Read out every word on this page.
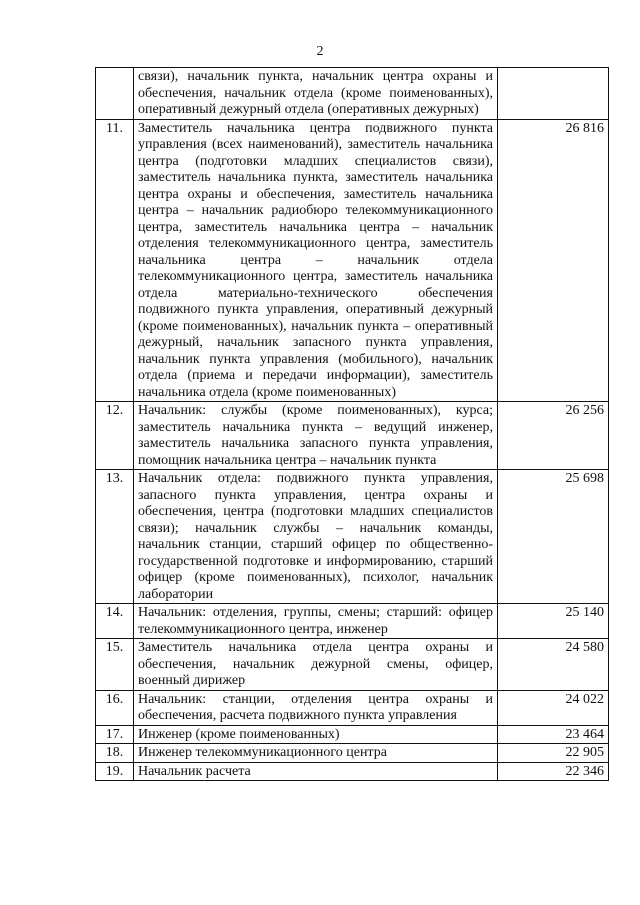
2
	связи), начальник пункта, начальник центра охраны и обеспечения, начальник отдела (кроме поименованных), оперативный дежурный отдела (оперативных дежурных)	
11.	Заместитель начальника центра подвижного пункта управления (всех наименований), заместитель начальника центра (подготовки младших специалистов связи), заместитель начальника пункта, заместитель начальника центра охраны и обеспечения, заместитель начальника центра – начальник радиобюро телекоммуникационного центра, заместитель начальника центра – начальник отделения телекоммуникационного центра, заместитель начальника центра – начальник отдела телекоммуникационного центра, заместитель начальника отдела материально-технического обеспечения подвижного пункта управления, оперативный дежурный (кроме поименованных), начальник пункта – оперативный дежурный, начальник запасного пункта управления, начальник пункта управления (мобильного), начальник отдела (приема и передачи информации), заместитель начальника отдела (кроме поименованных)	26 816
12.	Начальник: службы (кроме поименованных), курса; заместитель начальника пункта – ведущий инженер, заместитель начальника запасного пункта управления, помощник начальника центра – начальник пункта	26 256
13.	Начальник отдела: подвижного пункта управления, запасного пункта управления, центра охраны и обеспечения, центра (подготовки младших специалистов связи); начальник службы – начальник команды, начальник станции, старший офицер по общественно-государственной подготовке и информированию, старший офицер (кроме поименованных), психолог, начальник лаборатории	25 698
14.	Начальник: отделения, группы, смены; старший: офицер телекоммуникационного центра, инженер	25 140
15.	Заместитель начальника отдела центра охраны и обеспечения, начальник дежурной смены, офицер, военный дирижер	24 580
16.	Начальник: станции, отделения центра охраны и обеспечения, расчета подвижного пункта управления	24 022
17.	Инженер (кроме поименованных)	23 464
18.	Инженер телекоммуникационного центра	22 905
19.	Начальник расчета	22 346
